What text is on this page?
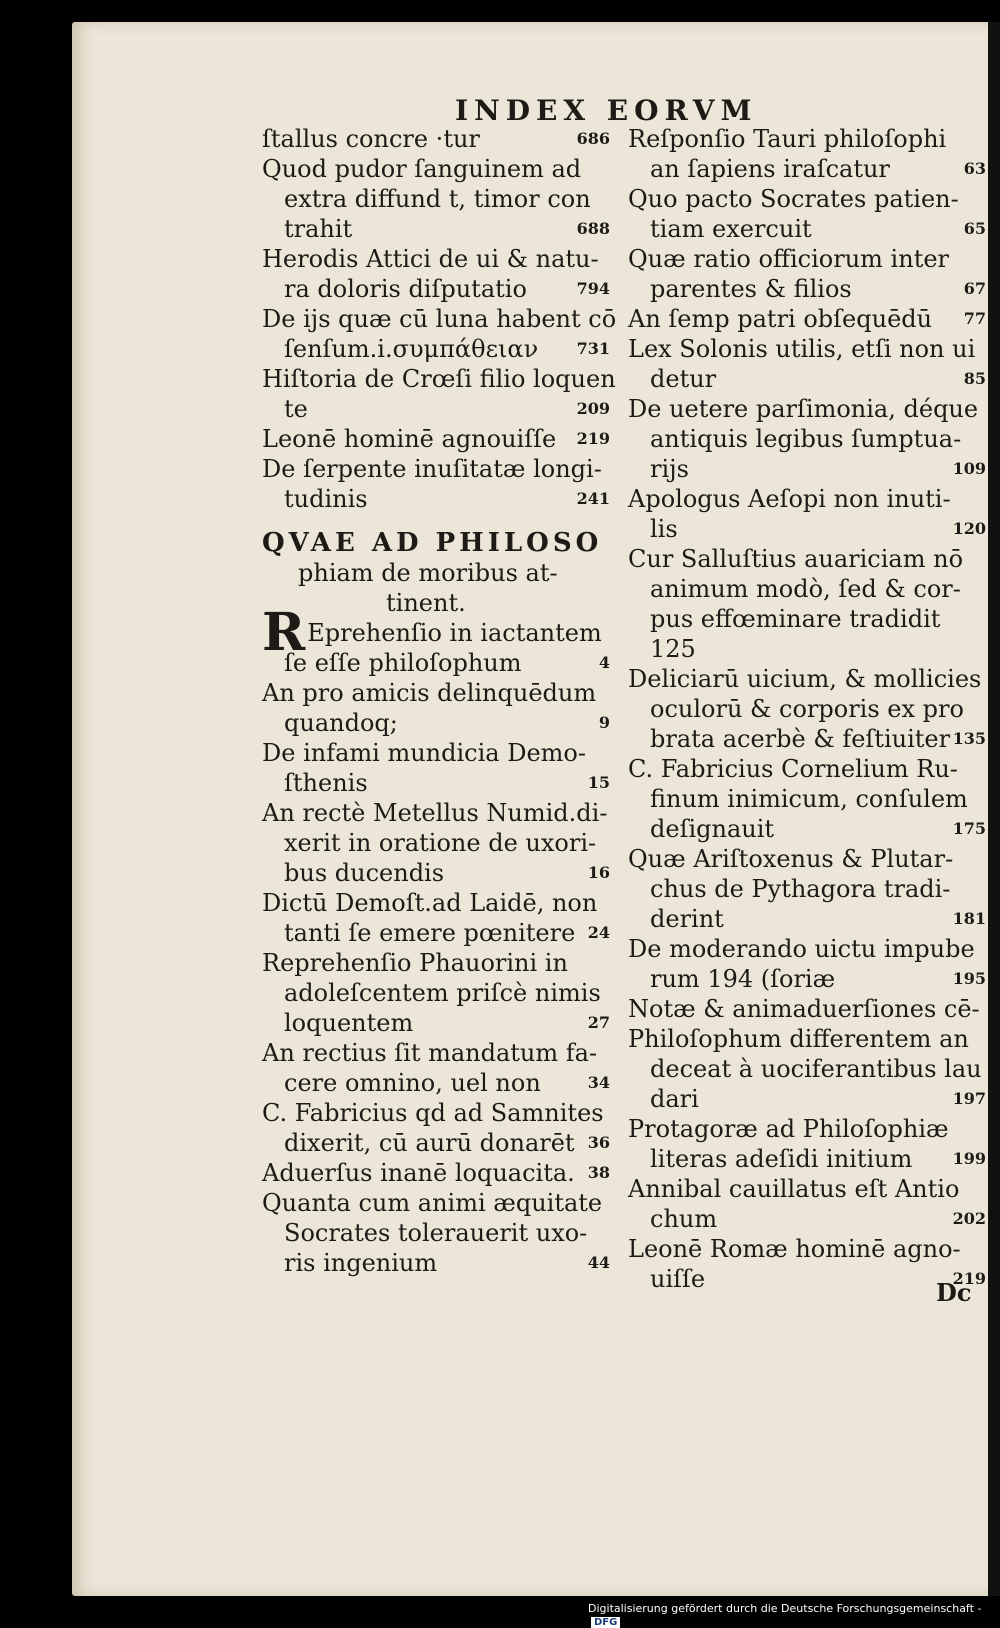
INDEX EORVM
ſtallus concre ·tur	686
Quod pudor ſanguinem ad
extra diffund t, timor con
trahit	688
Herodis Attici de ui & natu-
ra doloris diſputatio	794
De ijs quæ cū luna habent cō
ſenſum.i.συμπάθειαν 731
Hiſtoria de Crœſi filio loquen
te	209
Leonē hominē agnouiſſe 219
De ſerpente inuſitatæ longi-
tudinis	241
QVAE AD PHILOSO
phiam de moribus at-
tinent.
R Eprehenſio in iactantem
ſe eſſe philoſophum	4
An pro amicis delinquēdum
quandoq;	9
De infami mundicia Demo-
ſthenis	15
An rectè Metellus Numid.di-
xerit in oratione de uxori-
bus ducendis	16
Dictū Demoſt.ad Laidē, non
tanti ſe emere pœnitere 24
Reprehenſio Phauorini in
adoleſcentem priſcè nimis
loquentem	27
An rectius ſit mandatum fa-
cere omnino, uel non	34
C. Fabricius qd ad Samnites
dixerit, cū aurū donarēt 36
Aduerſus inanē loquacita. 38
Quanta cum animi æquitate
Socrates tolerauerit uxo-
ris ingenium	44
Reſponſio Tauri philoſophi
an ſapiens iraſcatur	63
Quo pacto Socrates patien-
tiam exercuit	65
Quæ ratio officiorum inter
parentes & filios	67
An ſemp patri obſequēdū 77
Lex Solonis utilis, etſi non ui
detur	85
De uetere parſimonia, déque
antiquis legibus ſumptua-
rijs	109
Apologus Aeſopi non inuti-
lis	120
Cur Salluſtius auariciam nō
animum modò, ſed & cor-
pus effœminare tradidit
125
Deliciarū uicium, & mollicies
oculorū & corporis ex pro
brata acerbè & feſtiuiter 135
C. Fabricius Cornelium Ru-
finum inimicum, conſulem
deſignauit	175
Quæ Ariſtoxenus & Plutar-
chus de Pythagora tradi-
derint	181
De moderando uictu impube
rum 194 (ſoriæ	195
Notæ & animaduerſiones cē-
Philoſophum differentem an
deceat à uociferantibus lau
dari	197
Protagoræ ad Philoſophiæ
literas adeſidi initium	199
Annibal cauillatus eſt Antio
chum	202
Leonē Romæ hominē agno-
uiſſe	219
Dc
Digitalisierung gefördert durch die Deutsche Forschungsgemeinschaft -DFG
